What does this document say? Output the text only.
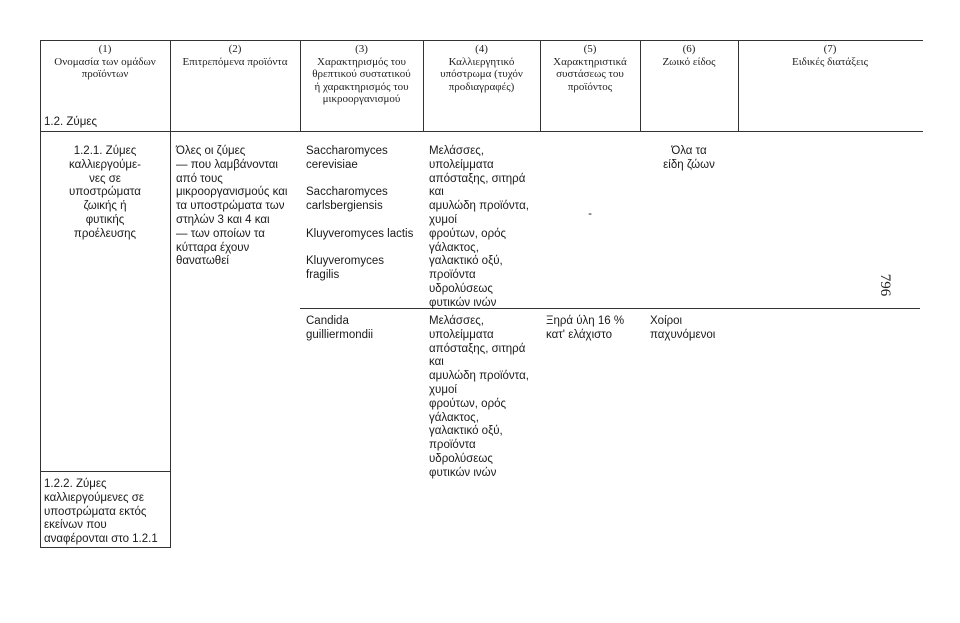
(1)
Ονομασία των ομάδων
προϊόντων
(2)
Επιτρεπόμενα προϊόντα
(3)
Χαρακτηρισμός του
θρεπτικού συστατικού
ή χαρακτηρισμός του
μικροοργανισμού
(4)
Καλλιεργητικό
υπόστρωμα (τυχόν
προδιαγραφές)
(5)
Χαρακτηριστικά
συστάσεως του
προϊόντος
(6)
Ζωικό είδος
(7)
Ειδικές διατάξεις
1.2. Ζύμες
1.2.1. Ζύμες
καλλιεργούμε-
νες σε
υποστρώματα
ζωικής ή
φυτικής
προέλευσης
Όλες οι ζύμες
— που λαμβάνονται
από τους
μικροοργανισμούς και
τα υποστρώματα των
στηλών 3 και 4 και
— των οποίων τα
κύτταρα έχουν
θανατωθεί
Saccharomyces
cerevisiae

Saccharomyces
carlsbergiensis

Kluyveromyces lactis

Kluyveromyces
fragilis
Μελάσσες,
υπολείμματα
απόσταξης, σιτηρά
και
αμυλώδη προϊόντα,
χυμοί
φρούτων, ορός
γάλακτος,
γαλακτικό οξύ,
προϊόντα
υδρολύσεως
φυτικών ινών
-
Όλα τα
είδη ζώων
Candida
guilliermondii
Μελάσσες,
υπολείμματα
απόσταξης, σιτηρά
και
αμυλώδη προϊόντα,
χυμοί
φρούτων, ορός
γάλακτος,
γαλακτικό οξύ,
προϊόντα
υδρολύσεως
φυτικών ινών
Ξηρά ύλη 16 %
κατ' ελάχιστο
Χοίροι
παχυνόμενοι
1.2.2. Ζύμες
καλλιεργούμενες σε
υποστρώματα εκτός
εκείνων που
αναφέρονται στο 1.2.1
796
